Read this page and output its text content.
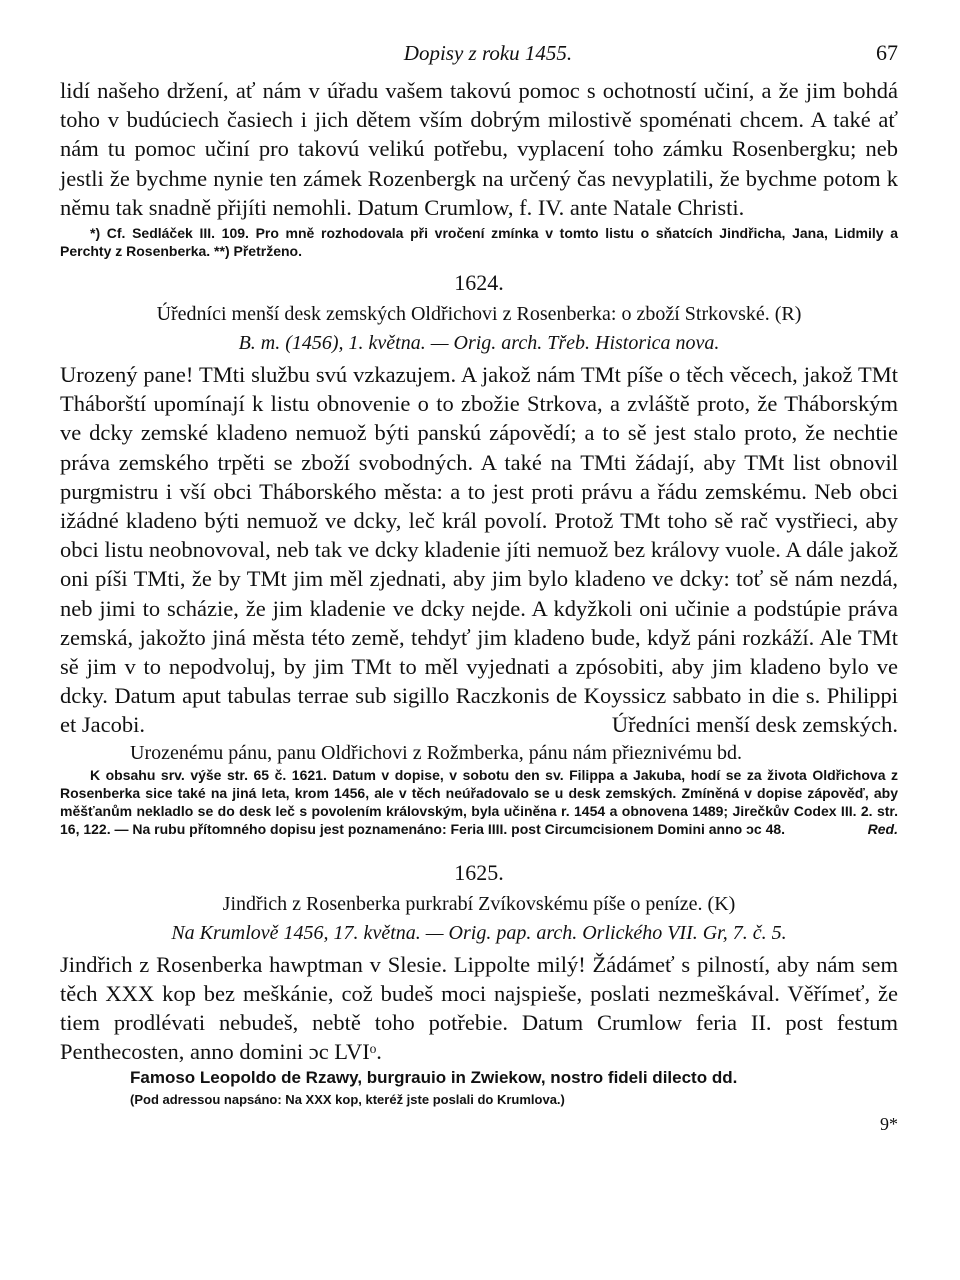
Dopisy z roku 1455.	67

lidí našeho držení, ať nám v úřadu vašem takovú pomoc s ochotností učiní, a že jim bohdá toho v budúciech časiech i jich dětem vším dobrým milostivě spoménati chcem. A také ať nám tu pomoc učiní pro takovú velikú potřebu, vyplacení toho zámku Rosenbergku; neb jestli že bychme nynie ten zámek Rozenbergk na určený čas nevyplatili, že bychme potom k němu tak snadně přijíti nemohli. Datum Crumlow, f. IV. ante Natale Christi.

*) Cf. Sedláček III. 109. Pro mně rozhodovala při vročení zmínka v tomto listu o sňatcích Jindřicha, Jana, Lidmily a Perchty z Rosenberka. **) Přetrženo.

1624.
Úředníci menší desk zemských Oldřichovi z Rosenberka: o zboží Strkovské. (R)
B. m. (1456), 1. května. — Orig. arch. Třeb. Historica nova.

Urozený pane! TMti službu svú vzkazujem. A jakož nám TMt píše o těch věcech, jakož TMt Tháborští upomínají k listu obnovenie o to zbožie Strkova, a zvláště proto, že Tháborským ve dcky zemské kladeno nemuož býti panskú zápovědí; a to sě jest stalo proto, že nechtie práva zemského trpěti se zboží svobodných. A také na TMti žádají, aby TMt list obnovil purgmistru i vší obci Tháborského města: a to jest proti právu a řádu zemskému. Neb obci ižádné kladeno býti nemuož ve dcky, leč král povolí. Protož TMt toho sě rač vystřieci, aby obci listu neobnovoval, neb tak ve dcky kladenie jíti nemuož bez královy vuole. A dále jakož oni píši TMti, že by TMt jim měl zjednati, aby jim bylo kladeno ve dcky: toť sě nám nezdá, neb jimi to scházie, že jim kladenie ve dcky nejde. A kdyžkoli oni učinie a podstúpie práva zemská, jakožto jiná města této země, tehdyť jim kladeno bude, když páni rozkáží. Ale TMt sě jim v to nepodvoluj, by jim TMt to měl vyjednati a zpósobiti, aby jim kladeno bylo ve dcky. Datum aput tabulas terrae sub sigillo Raczkonis de Koyssicz sabbato in die s. Philippi et Jacobi.	Úředníci menší desk zemských.

Urozenému pánu, panu Oldřichovi z Rožmberka, pánu nám přieznivému bd.

K obsahu srv. výše str. 65 č. 1621. Datum v dopise, v sobotu den sv. Filippa a Jakuba, hodí se za života Oldřichova z Rosenberka sice také na jiná leta, krom 1456, ale v těch neúřadovalo se u desk zemských. Zmíněná v dopise zápověď, aby měšťanům nekladlo se do desk leč s povolením královským, byla učiněna r. 1454 a obnovena 1489; Jirečkův Codex III. 2. str. 16, 122. — Na rubu přítomného dopisu jest poznamenáno: Feria IIII. post Circumcisionem Domini anno ɔc 48.	Red.

1625.
Jindřich z Rosenberka purkrabí Zvíkovskému píše o peníze. (K)
Na Krumlově 1456, 17. května. — Orig. pap. arch. Orlického VII. Gr, 7. č. 5.

Jindřich z Rosenberka hawptman v Slesie. Lippolte milý! Žádámeť s pilností, aby nám sem těch XXX kop bez meškánie, což budeš moci najspieše, poslati nezmeškával. Věřímeť, že tiem prodlévati nebudeš, nebtě toho potřebie. Datum Crumlow feria II. post festum Penthecosten, anno domini ɔc LVIᵒ.

Famoso Leopoldo de Rzawy, burgrauio in Zwiekow, nostro fideli dilecto dd.
(Pod adressou napsáno: Na XXX kop, kteréž jste poslali do Krumlova.)
9*
